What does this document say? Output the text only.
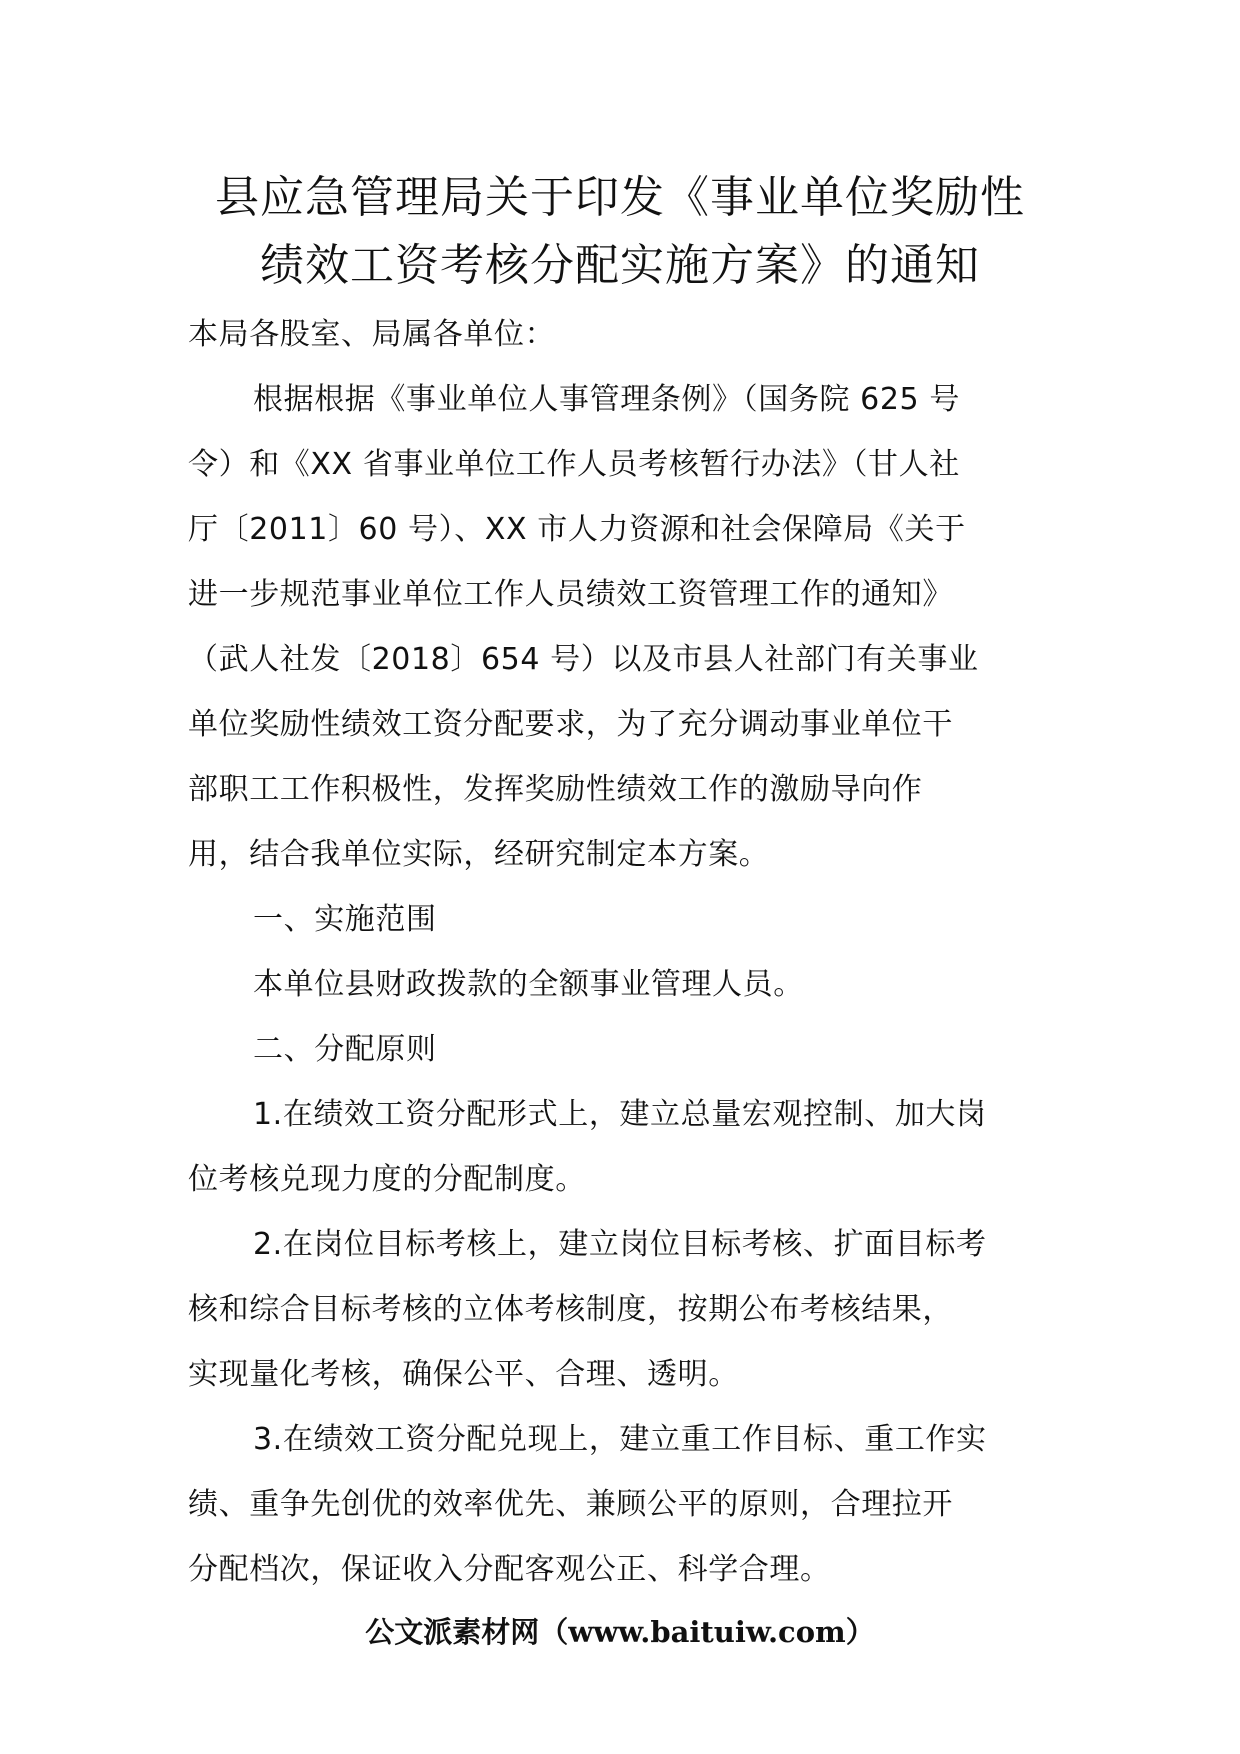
县应急管理局关于印发《事业单位奖励性
绩效工资考核分配实施方案》的通知
本局各股室、局属各单位：
根据根据《事业单位人事管理条例》（国务院 625 号
令）和《XX 省事业单位工作人员考核暂行办法》（甘人社
厅〔2011〕60 号）、XX 市人力资源和社会保障局《关于
进一步规范事业单位工作人员绩效工资管理工作的通知》
（武人社发〔2018〕654 号）以及市县人社部门有关事业
单位奖励性绩效工资分配要求，为了充分调动事业单位干
部职工工作积极性，发挥奖励性绩效工作的激励导向作
用，结合我单位实际，经研究制定本方案。
一、实施范围
本单位县财政拨款的全额事业管理人员。
二、分配原则
1.在绩效工资分配形式上，建立总量宏观控制、加大岗
位考核兑现力度的分配制度。
2.在岗位目标考核上，建立岗位目标考核、扩面目标考
核和综合目标考核的立体考核制度，按期公布考核结果，
实现量化考核，确保公平、合理、透明。
3.在绩效工资分配兑现上，建立重工作目标、重工作实
绩、重争先创优的效率优先、兼顾公平的原则，合理拉开
分配档次，保证收入分配客观公正、科学合理。
公文派素材网（www.baituiw.com）
